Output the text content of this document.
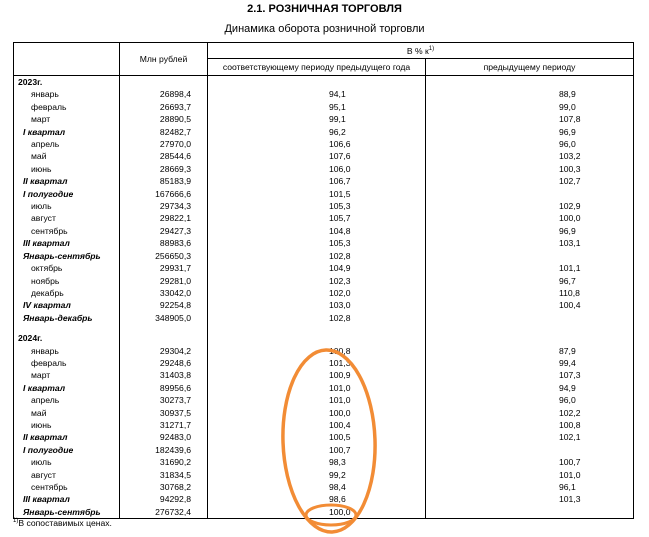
2.1. РОЗНИЧНАЯ ТОРГОВЛЯ
Динамика оборота розничной торговли
	Млн рублей	В % $к^{1)}$
		соответствующему периоду предыдущего года	предыдущему периоду
2023г.			
январь	26898,4	94,1	88,9
февраль	26693,7	95,1	99,0
март	28890,5	99,1	107,8
I квартал	82482,7	96,2	96,9
апрель	27970,0	106,6	96,0
май	28544,6	107,6	103,2
июнь	28669,3	106,0	100,3
II квартал	85183,9	106,7	102,7
I полугодие	167666,6	101,5	
июль	29734,3	105,3	102,9
август	29822,1	105,7	100,0
сентябрь	29427,3	104,8	96,9
III квартал	88983,6	105,3	103,1
Январь-сентябрь	256650,3	102,8	
октябрь	29931,7	104,9	101,1
ноябрь	29281,0	102,3	96,7
декабрь	33042,0	102,0	110,8
IV квартал	92254,8	103,0	100,4
Январь-декабрь	348905,0	102,8	

2024г.			
январь	29304,2	100,8	87,9
февраль	29248,6	101,3	99,4
март	31403,8	100,9	107,3
I квартал	89956,6	101,0	94,9
апрель	30273,7	101,0	96,0
май	30937,5	100,0	102,2
июнь	31271,7	100,4	100,8
II квартал	92483,0	100,5	102,1
I полугодие	182439,6	100,7	
июль	31690,2	98,3	100,7
август	31834,5	99,2	101,0
сентябрь	30768,2	98,4	96,1
III квартал	94292,8	98,6	101,3
Январь-сентябрь	276732,4	100,0	
$^{1)}$В сопоставимых ценах.
